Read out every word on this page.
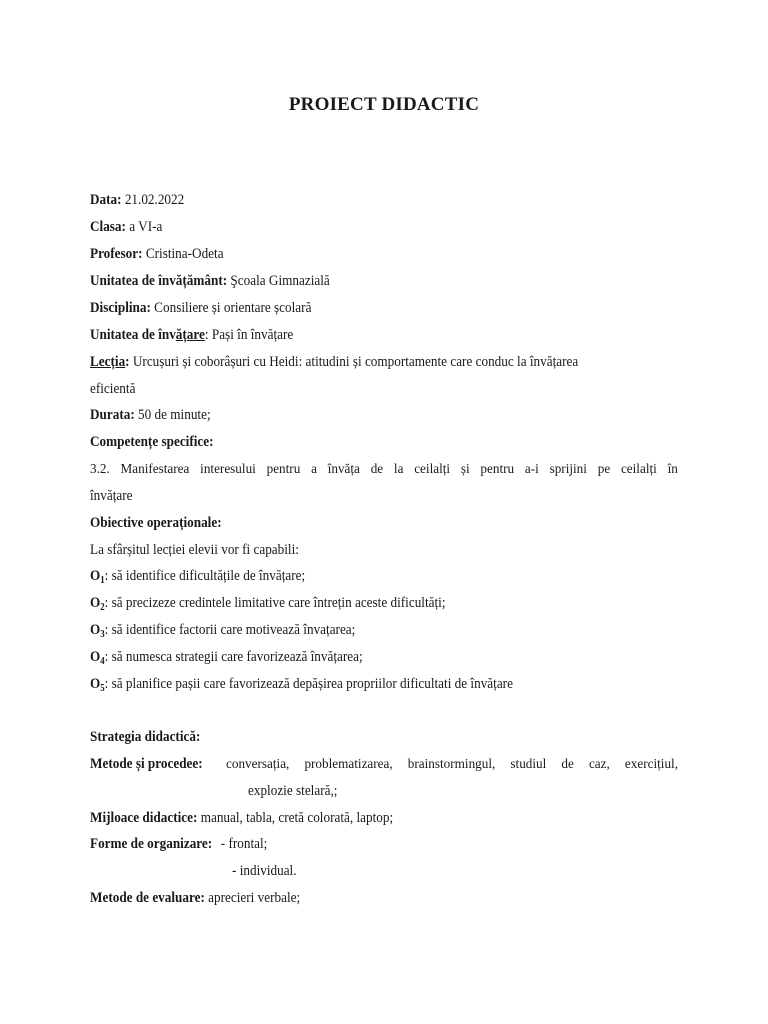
PROIECT DIDACTIC
Data: 21.02.2022
Clasa: a VI-a
Profesor: Cristina-Odeta
Unitatea de învățământ: Şcoala Gimnazială
Disciplina: Consiliere și orientare școlară
Unitatea de învățare: Pași în învățare
Lecția: Urcușuri și coborâșuri cu Heidi: atitudini și comportamente care conduc la învățarea
eficientă
Durata: 50 de minute;
Competențe specifice:
3.2. Manifestarea interesului pentru a învăța de la ceilalți și pentru a-i sprijini pe ceilalți în
învățare
Obiective operaționale:
La sfârșitul lecției elevii vor fi capabili:
$O_1$: să identifice dificultățile de învățare;
$O_2$: să precizeze credintele limitative care întrețin aceste dificultăți;
$O_3$: să identifice factorii care motivează învațarea;
$O_4$: să numesca strategii care favorizează învățarea;
$O_5$: să planifice pașii care favorizează depășirea propriilor dificultati de învățare
Strategia didactică:
Metode și procedee: conversația, problematizarea, brainstormingul, studiul de caz, exercițiul,
explozie stelară,;
Mijloace didactice: manual, tabla, cretă colorată, laptop;
Forme de organizare: - frontal;
- individual.
Metode de evaluare: aprecieri verbale;
